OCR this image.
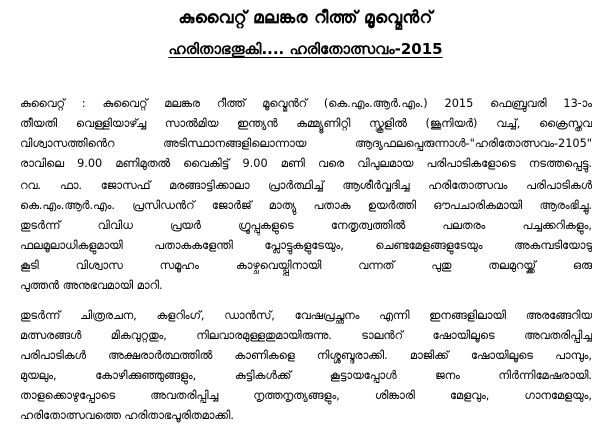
കുവൈറ്റ് മലങ്കര റീത്ത് മൂവ്മെൻറ്
ഹരിതാഭതൂകി.... ഹരിതോത്സവം-2015
കുവൈറ്റ് : കുവൈറ്റ് മലങ്കര റീത്ത് മൂവ്മെൻറ് (കെ.എം.ആർ.എം.) 2015 ഫെബ്രുവരി 13-ാം
തീയതി വെള്ളിയാഴ്ച്ച സാൽമിയ ഇന്ത്യൻ കമ്മ്യൂണിറ്റി സ്കൂളിൽ (ജൂനിയർ) വച്ച്, ക്രൈസ്തവ
വിശ്വാസത്തിൻെറ അടിസ്ഥാനങ്ങളിലൊന്നായ ആദ്യഫലപ്പെരുന്നാൾ-"ഹരിതോത്സവം-2105"
രാവിലെ 9.00 മണിമുതൽ വൈകിട്ട് 9.00 മണി വരെ വിപുലമായ പരിപാടികളോടെ നടത്തപ്പെട്ടു.
റവ. ഫാ. ജോസഫ് മരങ്ങാട്ടിക്കാലാ പ്രാർത്ഥിച്ച് ആശീർവ്വദിച്ച ഹരിതോത്സവം പരിപാടികൾ
കെ.എം.ആർ.എം. പ്രസിഡൻറ് ജോർജ് മാത്യു പതാക ഉയർത്തി ഔപചാരികമായി ആരംഭിച്ചു.
തുടർന്ന് വിവിധ പ്രയർ ഗ്രൂപ്പുകളുടെ നേതൃത്വത്തിൽ പലതരം പച്ചക്കറികളും,
ഫലമൂലാധികളുമായി പതാകകളേന്തി പ്ലോട്ടുകളുടേയും, ചെണ്ടമേളങ്ങളുടേയും അകമ്പടിയോടു
കൂടി വിശ്വാസ സമൂഹം കാഴ്ചവെയ്പ്പിനായി വന്നത് പുതു തലമുറയ്ക്ക് ഒരു
പുത്തൻ അനുഭവമായി മാറി.
തുടർന്ന് ചിത്രരചന, കളറിംഗ്, ഡാൻസ്, വേഷപ്രച്ഛനം എന്നി ഇനങ്ങളിലായി അരങ്ങേറിയ
മത്സരങ്ങൾ മികവുറ്റതും, നിലവാരമുള്ളതുമായിരുന്നു. ടാലൻറ് ഷോയിലൂടെ അവതരിപ്പിച്ച
പരിപാടികൾ അക്ഷരാർത്ഥത്തിൽ കാണികളെ നിശ്ശബ്ദരാക്കി. മാജിക്ക് ഷോയിലൂടെ പാമ്പും,
മുയലും, കോഴിക്കുഞ്ഞുങ്ങളും, കുട്ടികൾക്ക് കൂട്ടായപ്പോൾ ജനം നിർന്നിമേഷരായി.
താളക്കൊഴുപ്പോടെ അവതരിപ്പിച്ച നൃത്തനൃത്യങ്ങളും, ശിങ്കാരി മേളവും, ഗാനമേളയും,
ഹരിതോത്സവത്തെ ഹരിതാഭപൂരിതമാക്കി.
